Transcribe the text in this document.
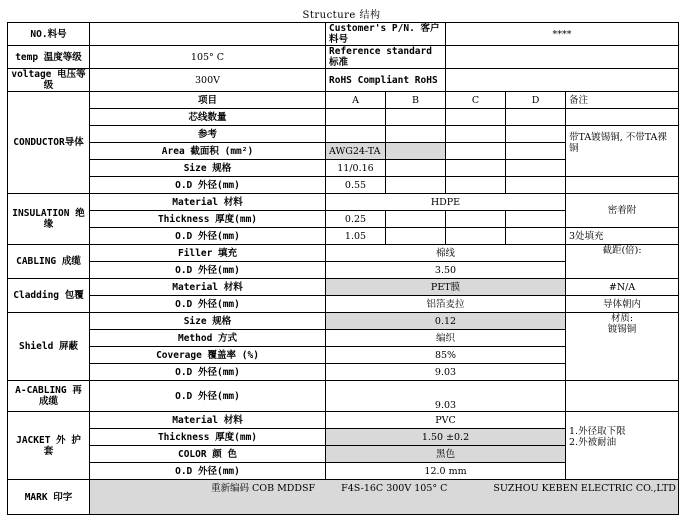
Structure 结构
NO.料号		Customer's P/N. 客户料号		****		
temp 温度等级	105° C	Reference standard 标准				
voltage 电压等级	300V	RoHS Compliant RoHS				
CONDUCTOR导体	项目	A	B	C	D	备注
	芯线数量					
	参考					带TA镀锡铜, 不带TA裸铜
	Area 截面积 (mm²)	AWG24-TA				
	Size 规格	11/0.16				
	O.D 外径(mm)	0.55				
INSULATION 绝缘	Material 材料	HDPE				密着附
	Thickness 厚度(mm)	0.25				
	O.D 外径(mm)	1.05				3处填充
CABLING 成缆	Filler 填充	棉线				截距(倍):
	O.D 外径(mm)	3.50				
Cladding 包覆	Material 材料	PET膜				#N/A
	O.D 外径(mm)	铝箔麦拉				导体朝内
Shield 屏蔽	Size 规格	0.12				材质:
镀锡铜

	Method 方式	编织				
	Coverage 覆盖率 (%)	85%				
	O.D 外径(mm)	9.03				
A-CABLING 再成缆	O.D 外径(mm)	9.03				
JACKET 外 护 套	Material 材料	PVC				1.外径取下限
2.外被耐油

	Thickness 厚度(mm)	1.50 ±0.2				
	COLOR 颜 色	黑色				
	O.D 外径(mm)	12.0 mm				
MARK 印字	重新编码 COB MDDSF F4S-16C 300V 105° C SUZHOU KEBEN ELECTRIC CO.,LTD					
